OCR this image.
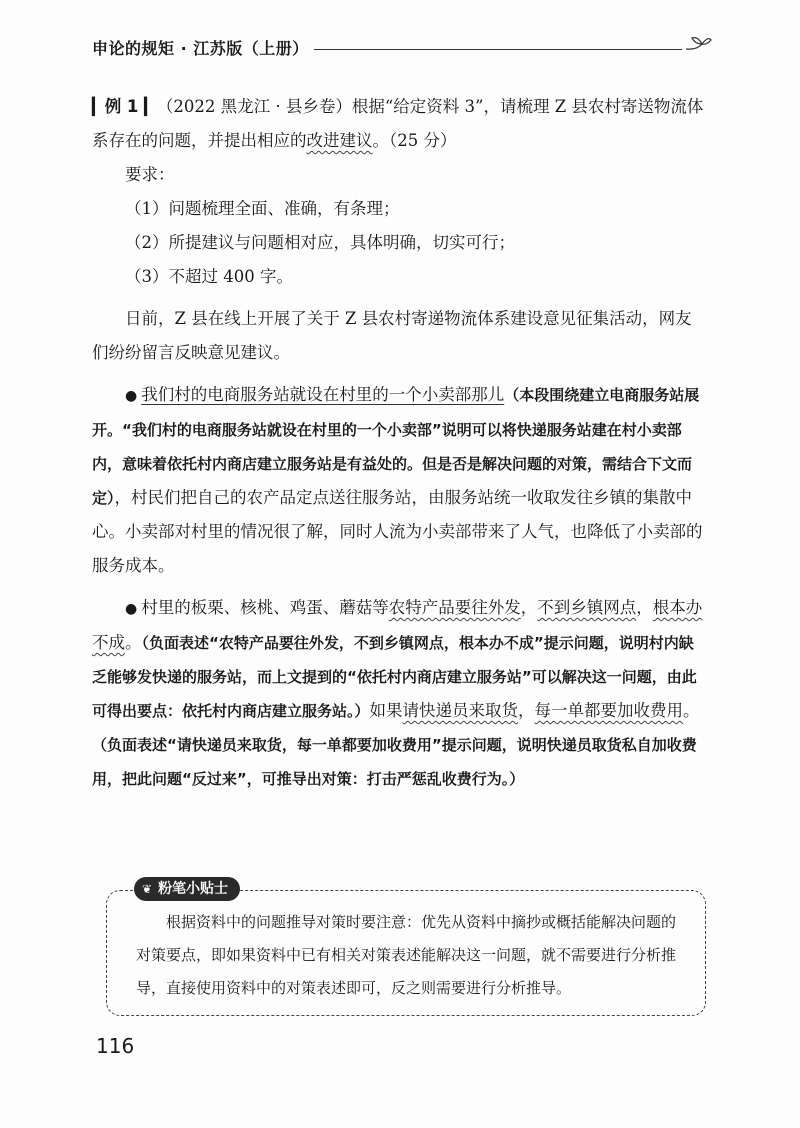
申论的规矩 · 江苏版（上册）

▎例 1 ▎（2022 黑龙江 · 县乡卷）根据“给定资料 3”，请梳理 Z 县农村寄送物流体系存在的问题，并提出相应的改进建议。（25 分）

要求：

（1）问题梳理全面、准确，有条理；

（2）所提建议与问题相对应，具体明确，切实可行；

（3）不超过 400 字。

日前，Z 县在线上开展了关于 Z 县农村寄递物流体系建设意见征集活动，网友们纷纷留言反映意见建议。

● 我们村的电商服务站就设在村里的一个小卖部那儿（本段围绕建立电商服务站展开。“我们村的电商服务站就设在村里的一个小卖部”说明可以将快递服务站建在村小卖部内，意味着依托村内商店建立服务站是有益处的。但是否是解决问题的对策，需结合下文而定），村民们把自己的农产品定点送往服务站，由服务站统一收取发往乡镇的集散中心。小卖部对村里的情况很了解，同时人流为小卖部带来了人气，也降低了小卖部的服务成本。

● 村里的板栗、核桃、鸡蛋、蘑菇等农特产品要往外发，不到乡镇网点，根本办不成。（负面表述“农特产品要往外发，不到乡镇网点，根本办不成”提示问题，说明村内缺乏能够发快递的服务站，而上文提到的“依托村内商店建立服务站”可以解决这一问题，由此可得出要点：依托村内商店建立服务站。）如果请快递员来取货，每一单都要加收费用。（负面表述“请快递员来取货，每一单都要加收费用”提示问题，说明快递员取货私自加收费用，把此问题“反过来”，可推导出对策：打击严惩乱收费行为。）

❦ 粉笔小贴士
根据资料中的问题推导对策时要注意：优先从资料中摘抄或概括能解决问题的对策要点，即如果资料中已有相关对策表述能解决这一问题，就不需要进行分析推导，直接使用资料中的对策表述即可，反之则需要进行分析推导。
116
